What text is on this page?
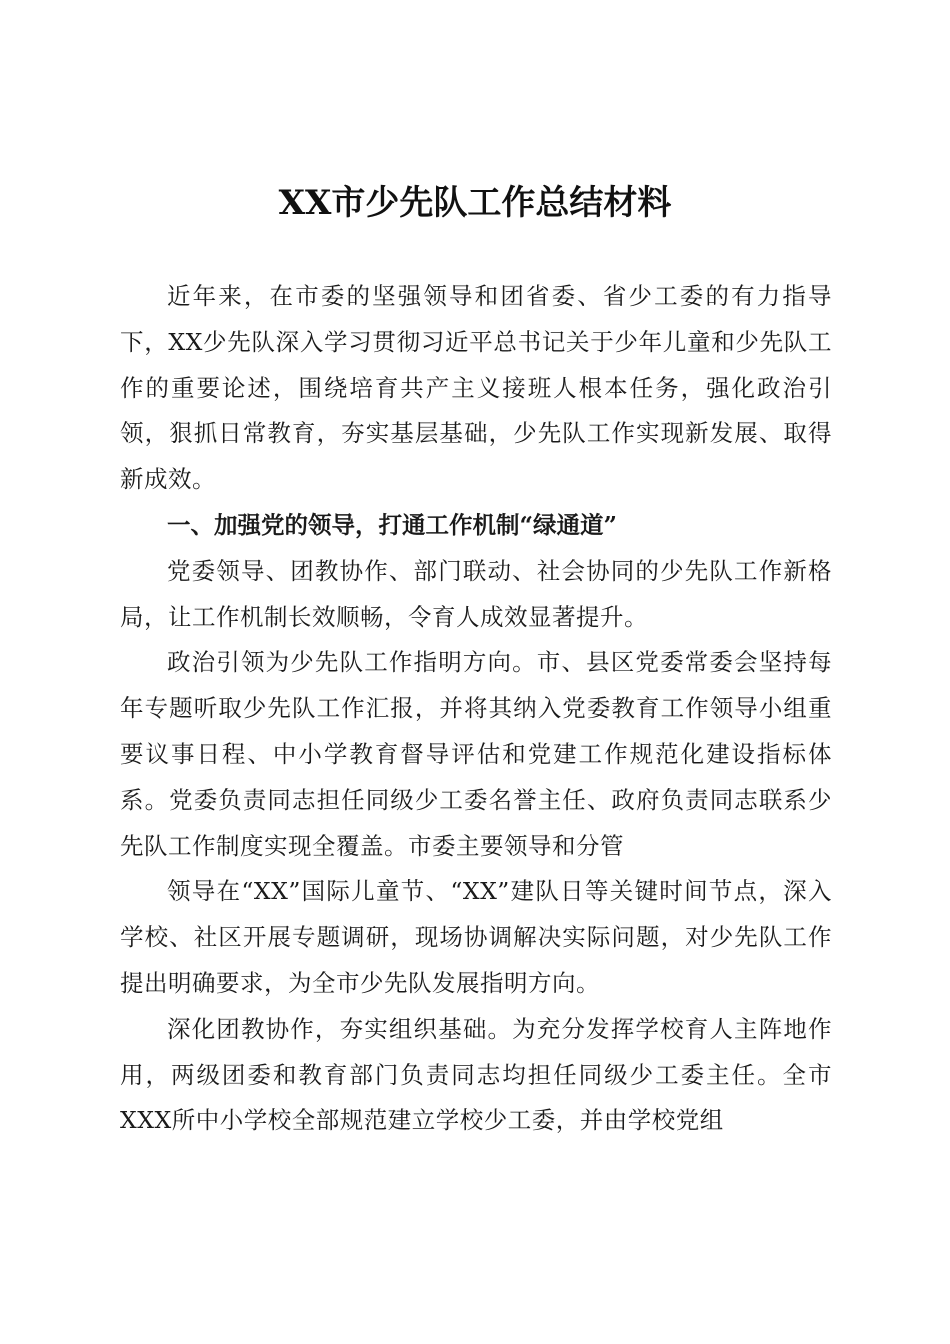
XX市少先队工作总结材料

近年来，在市委的坚强领导和团省委、省少工委的有力指导下，XX少先队深入学习贯彻习近平总书记关于少年儿童和少先队工作的重要论述，围绕培育共产主义接班人根本任务，强化政治引领，狠抓日常教育，夯实基层基础，少先队工作实现新发展、取得新成效。

一、加强党的领导，打通工作机制“绿通道”

党委领导、团教协作、部门联动、社会协同的少先队工作新格局，让工作机制长效顺畅，令育人成效显著提升。

政治引领为少先队工作指明方向。市、县区党委常委会坚持每年专题听取少先队工作汇报，并将其纳入党委教育工作领导小组重要议事日程、中小学教育督导评估和党建工作规范化建设指标体系。党委负责同志担任同级少工委名誉主任、政府负责同志联系少先队工作制度实现全覆盖。市委主要领导和分管

领导在“XX”国际儿童节、“XX”建队日等关键时间节点，深入学校、社区开展专题调研，现场协调解决实际问题，对少先队工作提出明确要求，为全市少先队发展指明方向。

深化团教协作，夯实组织基础。为充分发挥学校育人主阵地作用，两级团委和教育部门负责同志均担任同级少工委主任。全市XXX所中小学校全部规范建立学校少工委，并由学校党组
